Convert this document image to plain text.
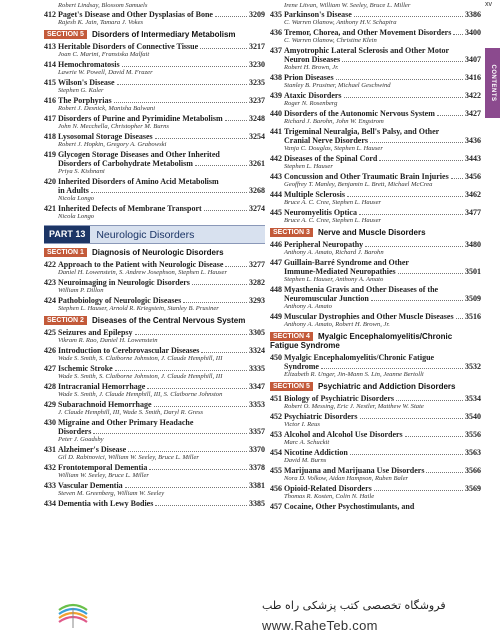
xv
CONTENTS
Robert Lindsay, Blossom Samuels
412 Paget's Disease and Other Dysplasias of Bone	3209
Rajesh K. Jain, Tamara J. Vokes
SECTION 5	Disorders of Intermediary Metabolism
413 Heritable Disorders of Connective Tissue	3217
Joan C. Marini, Fransiska Malfait
414 Hemochromatosis	3230
Lawrie W. Powell, David M. Frazer
415 Wilson's Disease	3235
Stephen G. Kaler
416 The Porphyrias	3237
Robert J. Desnick, Manisha Balwani
417 Disorders of Purine and Pyrimidine Metabolism	3248
John N. Mecchella, Christopher M. Burns
418 Lysosomal Storage Diseases	3254
Robert J. Hopkin, Gregory A. Grabowski
419 Glycogen Storage Diseases and Other Inherited
Disorders of Carbohydrate Metabolism	3261
Priya S. Kishnani
420 Inherited Disorders of Amino Acid Metabolism
in Adults	3268
Nicola Longo
421 Inherited Defects of Membrane Transport	3274
Nicola Longo
PART 13	Neurologic Disorders
SECTION 1	Diagnosis of Neurologic Disorders
422 Approach to the Patient with Neurologic Disease	3277
Daniel H. Lowenstein, S. Andrew Josephson, Stephen L. Hauser
423 Neuroimaging in Neurologic Disorders	3282
William P. Dillon
424 Pathobiology of Neurologic Diseases	3293
Stephen L. Hauser, Arnold R. Kriegstein, Stanley B. Prusiner
SECTION 2	Diseases of the Central Nervous System
425 Seizures and Epilepsy	3305
Vikram R. Rao, Daniel H. Lowenstein
426 Introduction to Cerebrovascular Diseases	3324
Wade S. Smith, S. Claiborne Johnston, J. Claude Hemphill, III
427 Ischemic Stroke	3335
Wade S. Smith, S. Claiborne Johnston, J. Claude Hemphill, III
428 Intracranial Hemorrhage	3347
Wade S. Smith, J. Claude Hemphill, III, S. Claiborne Johnston
429 Subarachnoid Hemorrhage	3353
J. Claude Hemphill, III, Wade S. Smith, Daryl R. Gress
430 Migraine and Other Primary Headache
Disorders	3357
Peter J. Goadsby
431 Alzheimer's Disease	3370
Gil D. Rabinovici, William W. Seeley, Bruce L. Miller
432 Frontotemporal Dementia	3378
William W. Seeley, Bruce L. Miller
433 Vascular Dementia	3381
Steven M. Greenberg, William W. Seeley
434 Dementia with Lewy Bodies	3385
Irene Litvan, William W. Seeley, Bruce L. Miller
435 Parkinson's Disease	3386
C. Warren Olanow, Anthony H.V. Schapira
436 Tremor, Chorea, and Other Movement Disorders 3400
C. Warren Olanow, Christine Klein
437 Amyotrophic Lateral Sclerosis and Other Motor
Neuron Diseases	3407
Robert H. Brown, Jr.
438 Prion Diseases	3416
Stanley B. Prusiner, Michael Geschwind
439 Ataxic Disorders	3422
Roger N. Rosenberg
440 Disorders of the Autonomic Nervous System	3427
Richard J. Barohn, John W. Engstrom
441 Trigeminal Neuralgia, Bell's Palsy, and Other
Cranial Nerve Disorders	3436
Vanja C. Douglas, Stephen L. Hauser
442 Diseases of the Spinal Cord	3443
Stephen L. Hauser
443 Concussion and Other Traumatic Brain Injuries 3456
Geoffrey T. Manley, Benjamin L. Brett, Michael McCrea
444 Multiple Sclerosis	3462
Bruce A. C. Cree, Stephen L. Hauser
445 Neuromyelitis Optica	3477
Bruce A. C. Cree, Stephen L. Hauser
SECTION 3	Nerve and Muscle Disorders
446 Peripheral Neuropathy	3480
Anthony A. Amato, Richard J. Barohn
447 Guillain-Barré Syndrome and Other
Immune-Mediated Neuropathies	3501
Stephen L. Hauser, Anthony A. Amato
448 Myasthenia Gravis and Other Diseases of the
Neuromuscular Junction	3509
Anthony A. Amato
449 Muscular Dystrophies and Other Muscle Diseases 3516
Anthony A. Amato, Robert H. Brown, Jr.
SECTION 4	Myalgic Encephalomyelitis/Chronic
Fatigue Syndrome
450 Myalgic Encephalomyelitis/Chronic Fatigue
Syndrome	3532
Elizabeth R. Unger, Jin-Mann S. Lin, Jeanne Bertolli
SECTION 5	Psychiatric and Addiction Disorders
451 Biology of Psychiatric Disorders	3534
Robert O. Messing, Eric J. Nestler, Matthew W. State
452 Psychiatric Disorders	3540
Victor I. Reus
453 Alcohol and Alcohol Use Disorders	3556
Marc A. Schuckit
454 Nicotine Addiction	3563
David M. Burns
455 Marijuana and Marijuana Use Disorders	3566
Nora D. Volkow, Aidan Hampson, Ruben Baler
456 Opioid-Related Disorders	3569
Thomas R. Kosten, Colin N. Haile
457 Cocaine, Other Psychostimulants, and
فروشگاه تخصصی کتب پزشکی راه طب
www.RaheTeb.com
